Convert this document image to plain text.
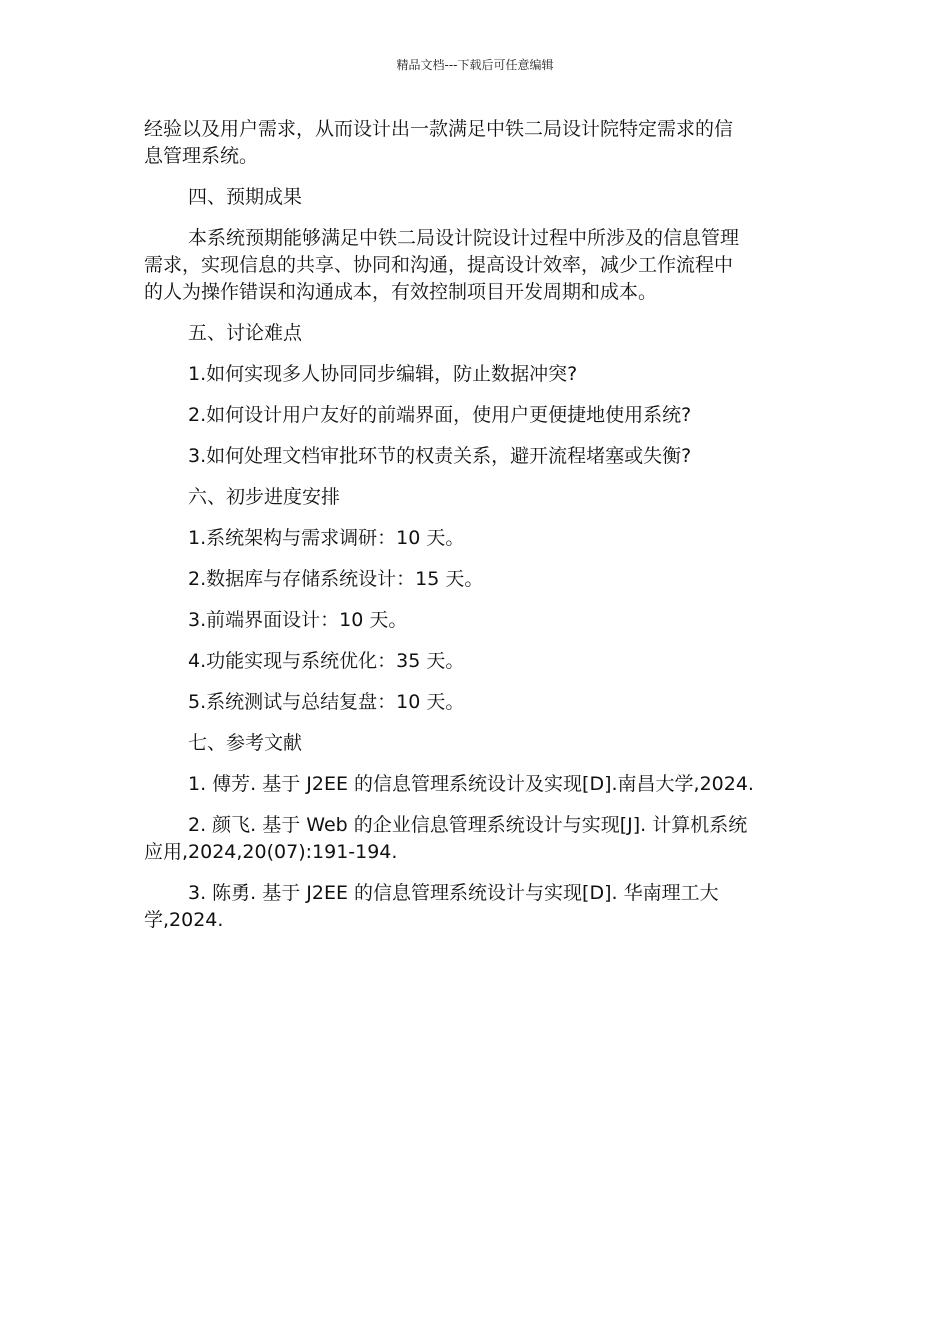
精品文档---下载后可任意编辑

经验以及用户需求，从而设计出一款满足中铁二局设计院特定需求的信
息管理系统。

四、预期成果

本系统预期能够满足中铁二局设计院设计过程中所涉及的信息管理

需求，实现信息的共享、协同和沟通，提高设计效率，减少工作流程中

的人为操作错误和沟通成本，有效控制项目开发周期和成本。

五、讨论难点

1.如何实现多人协同同步编辑，防止数据冲突?

2.如何设计用户友好的前端界面，使用户更便捷地使用系统?

3.如何处理文档审批环节的权责关系，避开流程堵塞或失衡?

六、初步进度安排

1.系统架构与需求调研：10 天。

2.数据库与存储系统设计：15 天。

3.前端界面设计：10 天。

4.功能实现与系统优化：35 天。

5.系统测试与总结复盘：10 天。

七、参考文献

1. 傅芳. 基于 J2EE 的信息管理系统设计及实现[D].南昌大学,2024.

2. 颜飞. 基于 Web 的企业信息管理系统设计与实现[J]. 计算机系统

应用,2024,20(07):191-194.

3. 陈勇. 基于 J2EE 的信息管理系统设计与实现[D]. 华南理工大

学,2024.
